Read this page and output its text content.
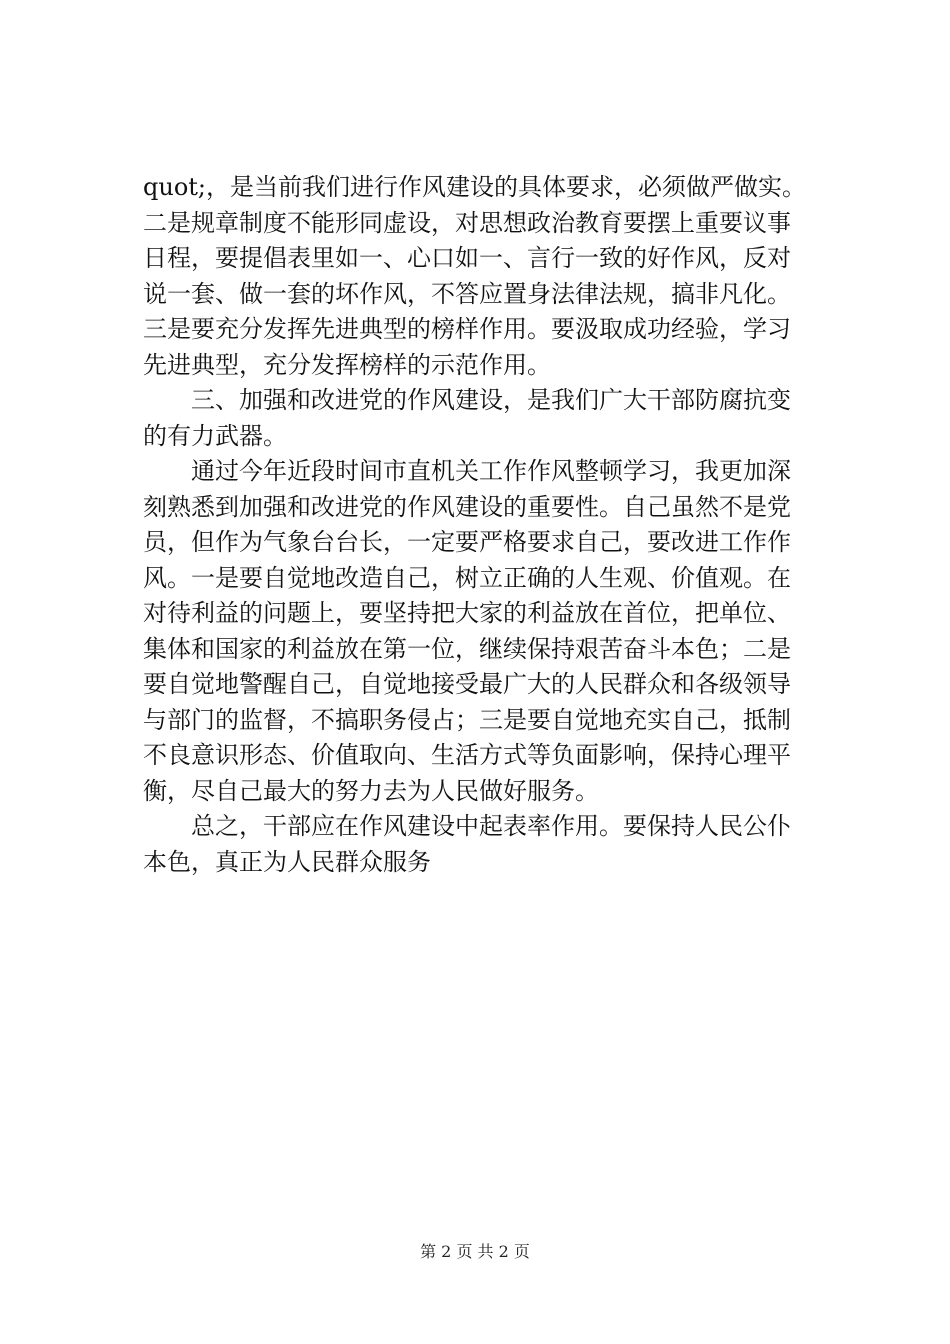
quot;，是当前我们进行作风建设的具体要求，必须做严做实。
二是规章制度不能形同虚设，对思想政治教育要摆上重要议事
日程，要提倡表里如一、心口如一、言行一致的好作风，反对
说一套、做一套的坏作风，不答应置身法律法规，搞非凡化。
三是要充分发挥先进典型的榜样作用。要汲取成功经验，学习
先进典型，充分发挥榜样的示范作用。
　　三、加强和改进党的作风建设，是我们广大干部防腐抗变
的有力武器。
　　通过今年近段时间市直机关工作作风整顿学习，我更加深
刻熟悉到加强和改进党的作风建设的重要性。自己虽然不是党
员，但作为气象台台长，一定要严格要求自己，要改进工作作
风。一是要自觉地改造自己，树立正确的人生观、价值观。在
对待利益的问题上，要坚持把大家的利益放在首位，把单位、
集体和国家的利益放在第一位，继续保持艰苦奋斗本色；二是
要自觉地警醒自己，自觉地接受最广大的人民群众和各级领导
与部门的监督，不搞职务侵占；三是要自觉地充实自己，抵制
不良意识形态、价值取向、生活方式等负面影响，保持心理平
衡，尽自己最大的努力去为人民做好服务。
　　总之，干部应在作风建设中起表率作用。要保持人民公仆
本色，真正为人民群众服务
第 2 页 共 2 页
